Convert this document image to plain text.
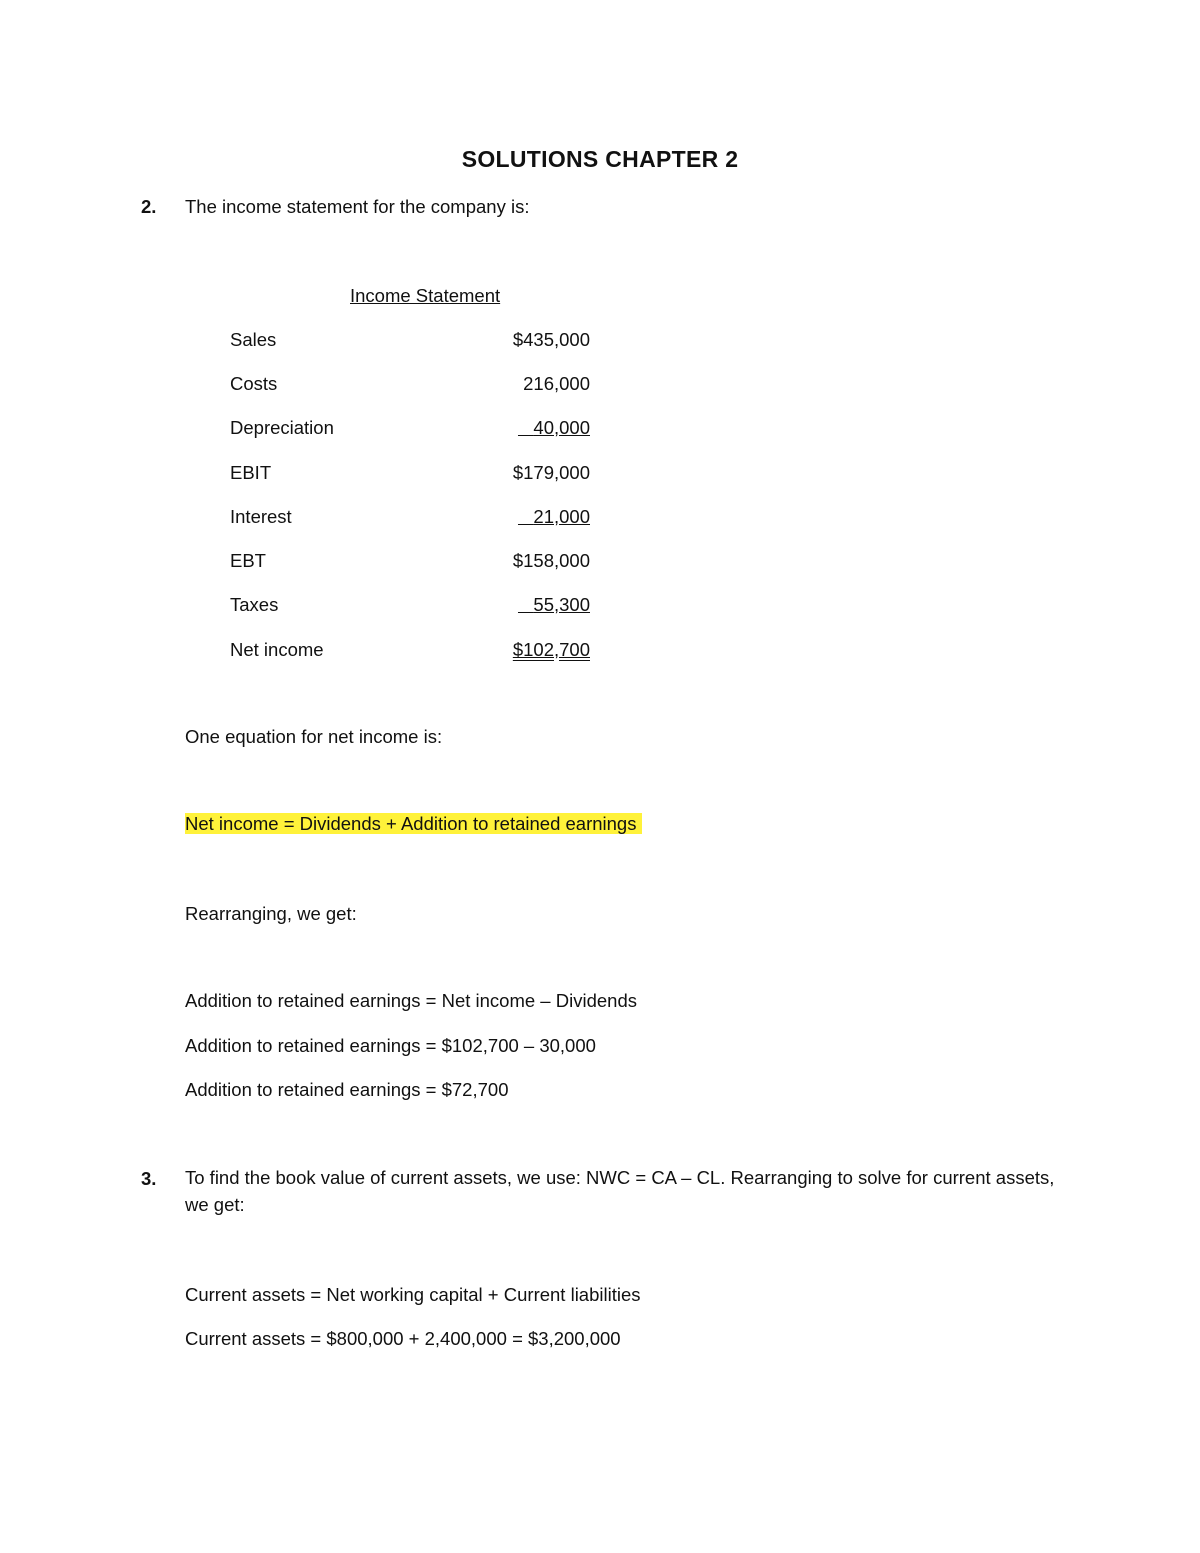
SOLUTIONS CHAPTER 2
2. The income statement for the company is:
Income Statement
Sales	$435,000
Costs	216,000
Depreciation	40,000
EBIT	$179,000
Interest	21,000
EBT	$158,000
Taxes	55,300
Net income	$102,700
One equation for net income is:
Net income = Dividends + Addition to retained earnings
Rearranging, we get:
Addition to retained earnings = Net income – Dividends
Addition to retained earnings = $102,700 – 30,000
Addition to retained earnings = $72,700
3. To find the book value of current assets, we use: NWC = CA – CL. Rearranging to solve for current assets, we get:
Current assets = Net working capital + Current liabilities
Current assets = $800,000 + 2,400,000 = $3,200,000
